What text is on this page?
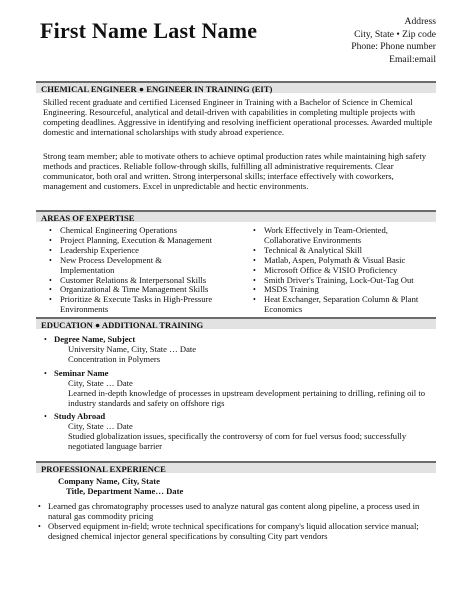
First Name Last Name	Address
City, State • Zip code
Phone: Phone number
Email:email
CHEMICAL ENGINEER ● ENGINEER IN TRAINING (EIT)
Skilled recent graduate and certified Licensed Engineer in Training with a Bachelor of Science in Chemical Engineering. Resourceful, analytical and detail-driven with capabilities in completing multiple projects with competing deadlines. Aggressive in identifying and resolving inefficient operational processes. Awarded multiple domestic and international scholarships with study abroad experience.
Strong team member; able to motivate others to achieve optimal production rates while maintaining high safety methods and practices. Reliable follow-through skills, fulfilling all administrative requirements. Clear communicator, both oral and written. Strong interpersonal skills; interface effectively with coworkers, management and customers. Excel in unpredictable and hectic environments.
AREAS OF EXPERTISE
• Chemical Engineering Operations
• Project Planning, Execution & Management
• Leadership Experience
• New Process Development & Implementation
• Customer Relations & Interpersonal Skills
• Organizational & Time Management Skills
• Prioritize & Execute Tasks in High-Pressure Environments
• Work Effectively in Team-Oriented, Collaborative Environments
• Technical & Analytical Skill
• Matlab, Aspen, Polymath & Visual Basic
• Microsoft Office & VISIO Proficiency
• Smith Driver's Training, Lock-Out-Tag Out
• MSDS Training
• Heat Exchanger, Separation Column & Plant Economics
EDUCATION ● ADDITIONAL TRAINING
• Degree Name, Subject
University Name, City, State … Date
Concentration in Polymers
• Seminar Name
City, State … Date
Learned in-depth knowledge of processes in upstream development pertaining to drilling, refining oil to industry standards and safety on offshore rigs
• Study Abroad
City, State … Date
Studied globalization issues, specifically the controversy of corn for fuel versus food; successfully negotiated language barrier
PROFESSIONAL EXPERIENCE
Company Name, City, State
Title, Department Name… Date
• Learned gas chromatography processes used to analyze natural gas content along pipeline, a process used in natural gas commodity pricing
• Observed equipment in-field; wrote technical specifications for company's liquid allocation service manual; designed chemical injector general specifications by consulting City part vendors
